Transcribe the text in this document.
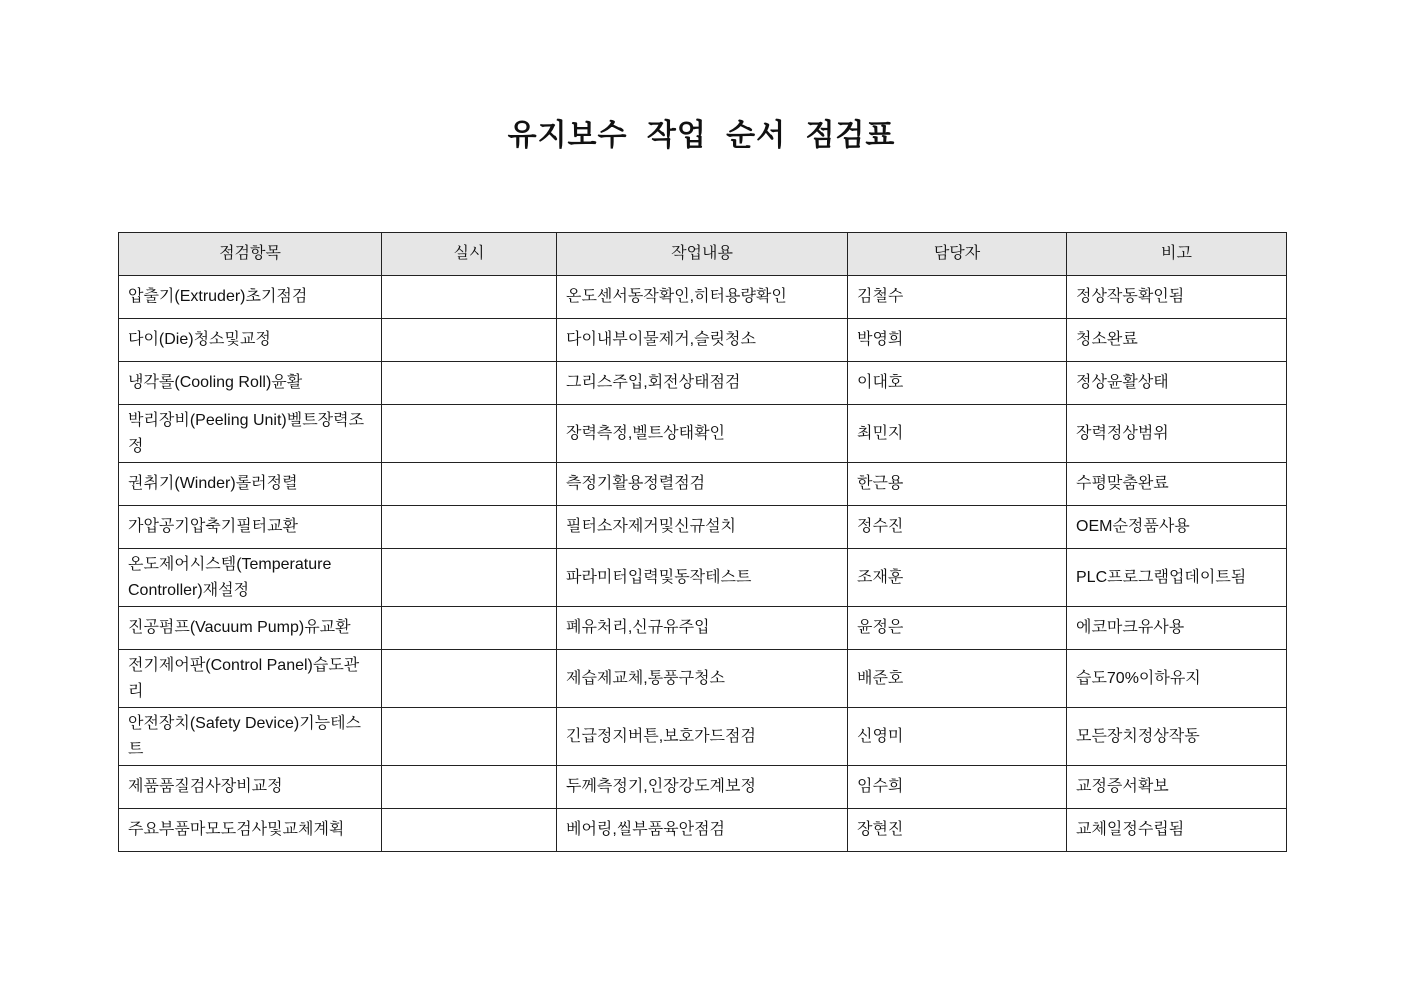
유지보수 작업 순서 점검표
점검항목	실시	작업내용	담당자	비고
압출기(Extruder)초기점검		온도센서동작확인,히터용량확인	김철수	정상작동확인됨
다이(Die)청소및교정		다이내부이물제거,슬릿청소	박영희	청소완료
냉각롤(Cooling Roll)윤활		그리스주입,회전상태점검	이대호	정상윤활상태
박리장비(Peeling Unit)벨트장력조정		장력측정,벨트상태확인	최민지	장력정상범위
권취기(Winder)롤러정렬		측정기활용정렬점검	한근용	수평맞춤완료
가압공기압축기필터교환		필터소자제거및신규설치	정수진	OEM순정품사용
온도제어시스템(Temperature Controller)재설정		파라미터입력및동작테스트	조재훈	PLC프로그램업데이트됨
진공펌프(Vacuum Pump)유교환		폐유처리,신규유주입	윤정은	에코마크유사용
전기제어판(Control Panel)습도관리		제습제교체,통풍구청소	배준호	습도70%이하유지
안전장치(Safety Device)기능테스트		긴급정지버튼,보호가드점검	신영미	모든장치정상작동
제품품질검사장비교정		두께측정기,인장강도계보정	임수희	교정증서확보
주요부품마모도검사및교체계획		베어링,씰부품육안점검	장현진	교체일정수립됨
